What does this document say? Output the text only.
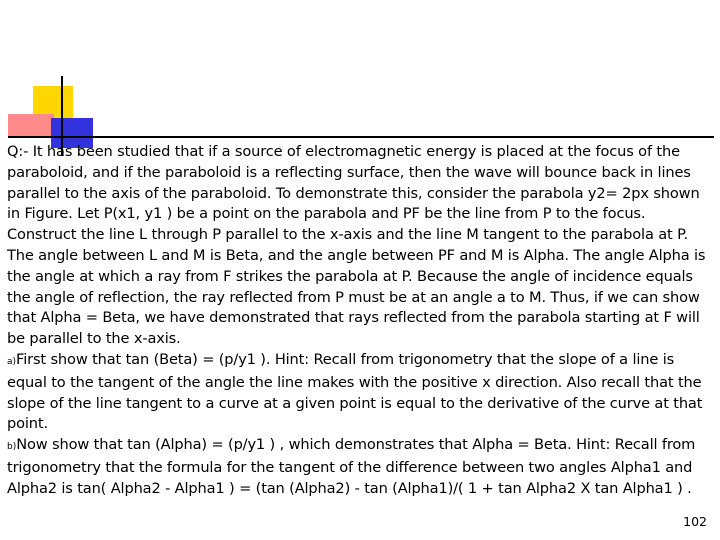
Q:- It has been studied that if a source of electromagnetic energy is placed at the focus of the paraboloid, and if the paraboloid is a reflecting surface, then the wave will bounce back in lines parallel to the axis of the paraboloid. To demonstrate this, consider the parabola y2= 2px shown in Figure. Let P(x1, y1 ) be a point on the parabola and PF be the line from P to the focus. Construct the line L through P parallel to the x-axis and the line M tangent to the parabola at P. The angle between L and M is Beta, and the angle between PF and M is Alpha. The angle Alpha is the angle at which a ray from F strikes the parabola at P. Because the angle of incidence equals the angle of reflection, the ray reflected from P must be at an angle a to M. Thus, if we can show that Alpha = Beta, we have demonstrated that rays reflected from the parabola starting at F will be parallel to the x-axis.

a)First show that tan (Beta) = (p/y1 ). Hint: Recall from trigonometry that the slope of a line is equal to the tangent of the angle the line makes with the positive x direction. Also recall that the slope of the line tangent to a curve at a given point is equal to the derivative of the curve at that point.

b)Now show that tan (Alpha) = (p/y1 ) , which demonstrates that Alpha = Beta. Hint: Recall from trigonometry that the formula for the tangent of the difference between two angles Alpha1 and Alpha2 is tan( Alpha2 - Alpha1 ) = (tan (Alpha2) - tan (Alpha1)/( 1 + tan Alpha2 X tan Alpha1 ) .

102
